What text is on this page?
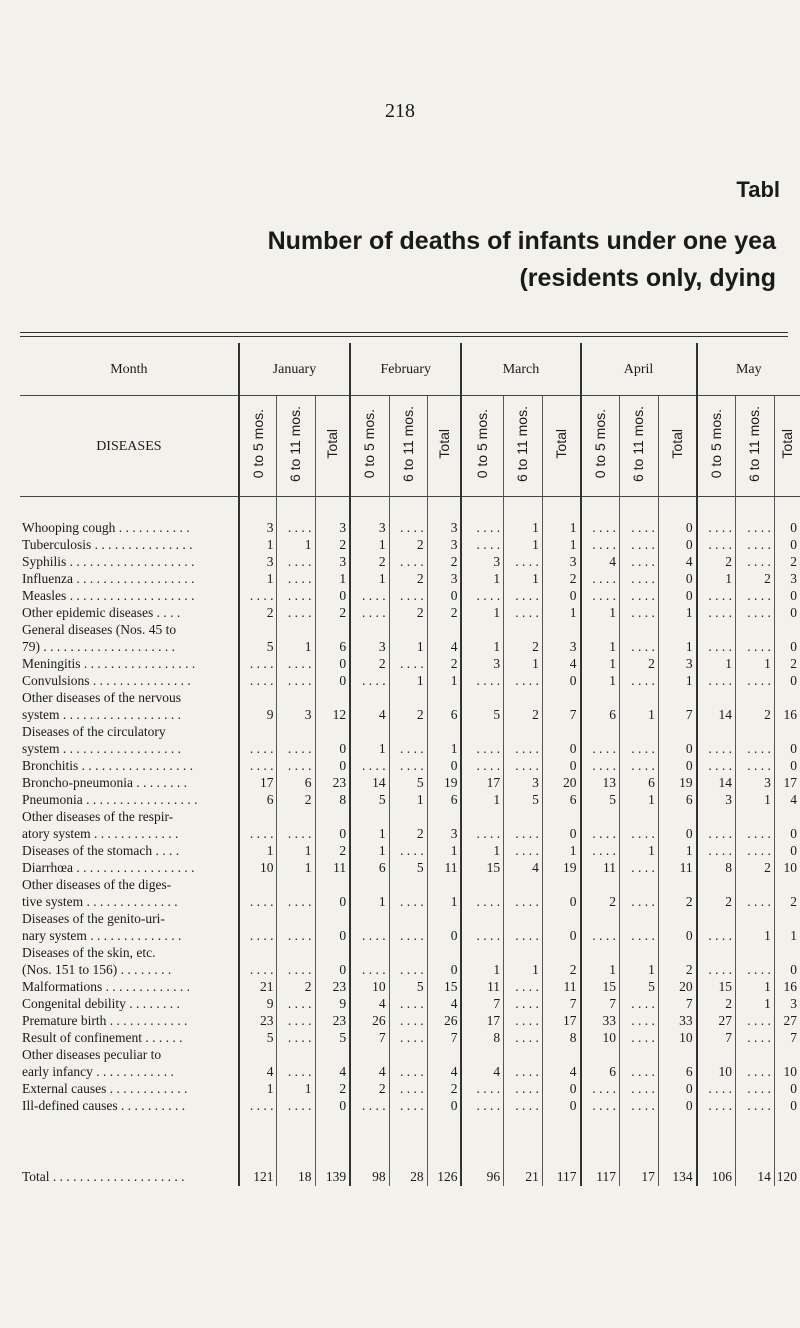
218
Tabl
Number of deaths of infants under one yea
(residents only, dying
Month	January			February			March			April			May		
DISEASES	0 to 5 mos.	6 to 11 mos.	Total	0 to 5 mos.	6 to 11 mos.	Total	0 to 5 mos.	6 to 11 mos.	Total	0 to 5 mos.	6 to 11 mos.	Total	0 to 5 mos.	6 to 11 mos.	Total

Whooping cough . . . . . . . . . . .	3	. . . .	3	3	. . . .	3	. . . .	1	1	. . . .	. . . .	0	. . . .	. . . .	0
Tuberculosis . . . . . . . . . . . . . . .	1	1	2	1	2	3	. . . .	1	1	. . . .	. . . .	0	. . . .	. . . .	0
Syphilis . . . . . . . . . . . . . . . . . . .	3	. . . .	3	2	. . . .	2	3	. . . .	3	4	. . . .	4	2	. . . .	2
Influenza . . . . . . . . . . . . . . . . . .	1	. . . .	1	1	2	3	1	1	2	. . . .	. . . .	0	1	2	3
Measles . . . . . . . . . . . . . . . . . . .	. . . .	. . . .	0	. . . .	. . . .	0	. . . .	. . . .	0	. . . .	. . . .	0	. . . .	. . . .	0
Other epidemic diseases . . . .	2	. . . .	2	. . . .	2	2	1	. . . .	1	1	. . . .	1	. . . .	. . . .	0
General diseases (Nos. 45 to															
79) . . . . . . . . . . . . . . . . . . . .	5	1	6	3	1	4	1	2	3	1	. . . .	1	. . . .	. . . .	0
Meningitis . . . . . . . . . . . . . . . . .	. . . .	. . . .	0	2	. . . .	2	3	1	4	1	2	3	1	1	2
Convulsions . . . . . . . . . . . . . . .	. . . .	. . . .	0	. . . .	1	1	. . . .	. . . .	0	1	. . . .	1	. . . .	. . . .	0
Other diseases of the nervous															
system . . . . . . . . . . . . . . . . . .	9	3	12	4	2	6	5	2	7	6	1	7	14	2	16
Diseases of the circulatory															
system . . . . . . . . . . . . . . . . . .	. . . .	. . . .	0	1	. . . .	1	. . . .	. . . .	0	. . . .	. . . .	0	. . . .	. . . .	0
Bronchitis . . . . . . . . . . . . . . . . .	. . . .	. . . .	0	. . . .	. . . .	0	. . . .	. . . .	0	. . . .	. . . .	0	. . . .	. . . .	0
Broncho-pneumonia . . . . . . . .	17	6	23	14	5	19	17	3	20	13	6	19	14	3	17
Pneumonia . . . . . . . . . . . . . . . . .	6	2	8	5	1	6	1	5	6	5	1	6	3	1	4
Other diseases of the respir-															
atory system . . . . . . . . . . . . .	. . . .	. . . .	0	1	2	3	. . . .	. . . .	0	. . . .	. . . .	0	. . . .	. . . .	0
Diseases of the stomach . . . .	1	1	2	1	. . . .	1	1	. . . .	1	. . . .	1	1	. . . .	. . . .	0
Diarrhœa . . . . . . . . . . . . . . . . . .	10	1	11	6	5	11	15	4	19	11	. . . .	11	8	2	10
Other diseases of the diges-															
tive system . . . . . . . . . . . . . .	. . . .	. . . .	0	1	. . . .	1	. . . .	. . . .	0	2	. . . .	2	2	. . . .	2
Diseases of the genito-uri-															
nary system . . . . . . . . . . . . . .	. . . .	. . . .	0	. . . .	. . . .	0	. . . .	. . . .	0	. . . .	. . . .	0	. . . .	1	1
Diseases of the skin, etc.															
(Nos. 151 to 156) . . . . . . . .	. . . .	. . . .	0	. . . .	. . . .	0	1	1	2	1	1	2	. . . .	. . . .	0
Malformations . . . . . . . . . . . . .	21	2	23	10	5	15	11	. . . .	11	15	5	20	15	1	16
Congenital debility . . . . . . . .	9	. . . .	9	4	. . . .	4	7	. . . .	7	7	. . . .	7	2	1	3
Premature birth . . . . . . . . . . . .	23	. . . .	23	26	. . . .	26	17	. . . .	17	33	. . . .	33	27	. . . .	27
Result of confinement . . . . . .	5	. . . .	5	7	. . . .	7	8	. . . .	8	10	. . . .	10	7	. . . .	7
Other diseases peculiar to															
early infancy . . . . . . . . . . . .	4	. . . .	4	4	. . . .	4	4	. . . .	4	6	. . . .	6	10	. . . .	10
External causes . . . . . . . . . . . .	1	1	2	2	. . . .	2	. . . .	. . . .	0	. . . .	. . . .	0	. . . .	. . . .	0
Ill-defined causes . . . . . . . . . .	. . . .	. . . .	0	. . . .	. . . .	0	. . . .	. . . .	0	. . . .	. . . .	0	. . . .	. . . .	0

Total . . . . . . . . . . . . . . . . . . . .	121	18	139	98	28	126	96	21	117	117	17	134	106	14	120
